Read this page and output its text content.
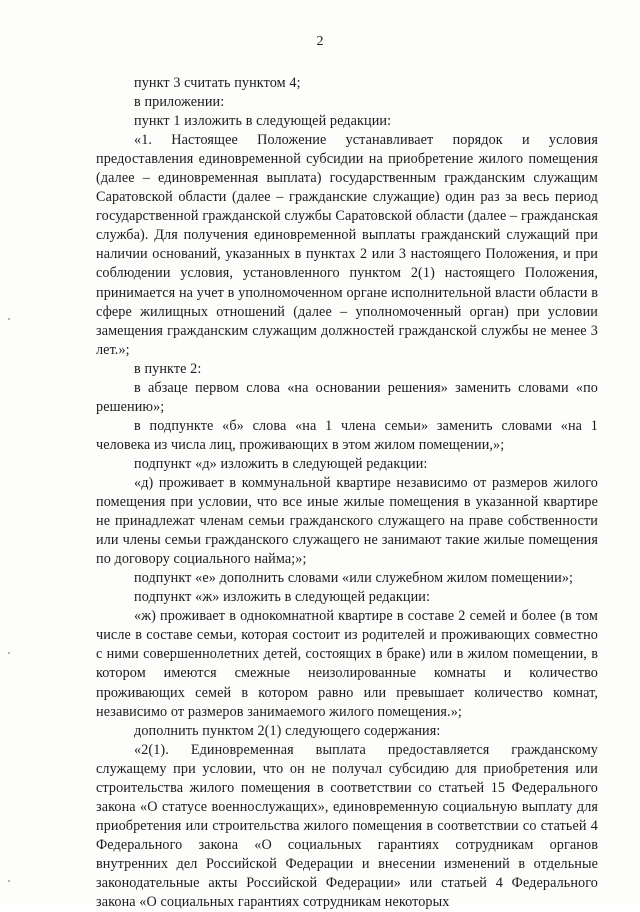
2

пункт 3 считать пунктом 4;

в приложении:

пункт 1 изложить в следующей редакции:

«1. Настоящее Положение устанавливает порядок и условия предоставления единовременной субсидии на приобретение жилого помещения (далее – единовременная выплата) государственным гражданским служащим Саратовской области (далее – гражданские служащие) один раз за весь период государственной гражданской службы Саратовской области (далее – гражданская служба). Для получения единовременной выплаты гражданский служащий при наличии оснований, указанных в пунктах 2 или 3 настоящего Положения, и при соблюдении условия, установленного пунктом 2(1) настоящего Положения, принимается на учет в уполномоченном органе исполнительной власти области в сфере жилищных отношений (далее – уполномоченный орган) при условии замещения гражданским служащим должностей гражданской службы не менее 3 лет.»;

в пункте 2:

в абзаце первом слова «на основании решения» заменить словами «по решению»;

в подпункте «б» слова «на 1 члена семьи» заменить словами «на 1 человека из числа лиц, проживающих в этом жилом помещении,»;

подпункт «д» изложить в следующей редакции:

«д) проживает в коммунальной квартире независимо от размеров жилого помещения при условии, что все иные жилые помещения в указанной квартире не принадлежат членам семьи гражданского служащего на праве собственности или члены семьи гражданского служащего не занимают такие жилые помещения по договору социального найма;»;

подпункт «е» дополнить словами «или служебном жилом помещении»;

подпункт «ж» изложить в следующей редакции:

«ж) проживает в однокомнатной квартире в составе 2 семей и более (в том числе в составе семьи, которая состоит из родителей и проживающих совместно с ними совершеннолетних детей, состоящих в браке) или в жилом помещении, в котором имеются смежные неизолированные комнаты и количество проживающих семей в котором равно или превышает количество комнат, независимо от размеров занимаемого жилого помещения.»;

дополнить пунктом 2(1) следующего содержания:

«2(1). Единовременная выплата предоставляется гражданскому служащему при условии, что он не получал субсидию для приобретения или строительства жилого помещения в соответствии со статьей 15 Федерального закона «О статусе военнослужащих», единовременную социальную выплату для приобретения или строительства жилого помещения в соответствии со статьей 4 Федерального закона «О социальных гарантиях сотрудникам органов внутренних дел Российской Федерации и внесении изменений в отдельные законодательные акты Российской Федерации» или статьей 4 Федерального закона «О социальных гарантиях сотрудникам некоторых
